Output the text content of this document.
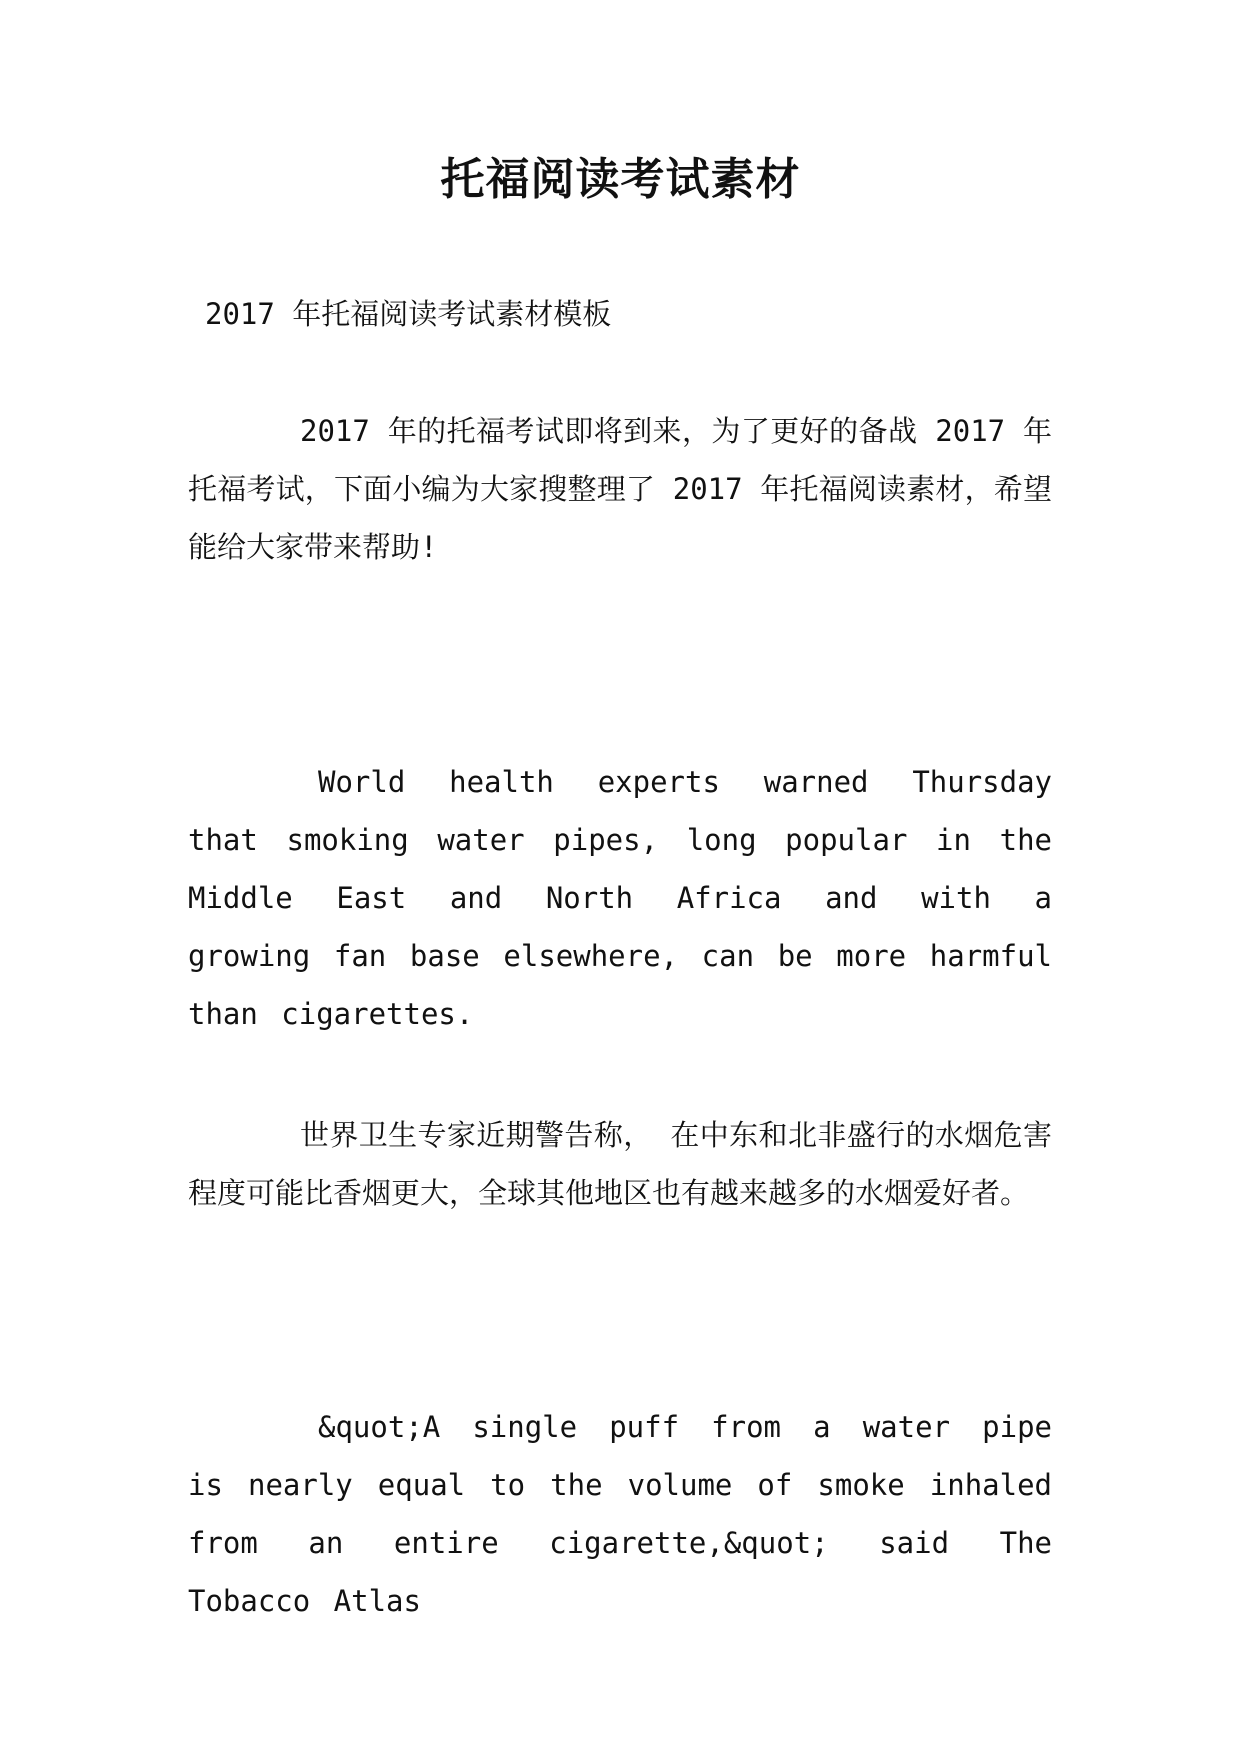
托福阅读考试素材
2017 年托福阅读考试素材模板
2017 年的托福考试即将到来，为了更好的备战 2017 年托福考试，下面小编为大家搜整理了 2017 年托福阅读素材，希望能给大家带来帮助!
World health experts warned Thursday that smoking water pipes, long popular in the Middle East and North Africa and with a growing fan base elsewhere, can be more harmful than cigarettes.
世界卫生专家近期警告称， 在中东和北非盛行的水烟危害程度可能比香烟更大，全球其他地区也有越来越多的水烟爱好者。
&quot;A single puff from a water pipe is nearly equal to the volume of smoke inhaled from an entire cigarette,&quot; said The Tobacco Atlas
